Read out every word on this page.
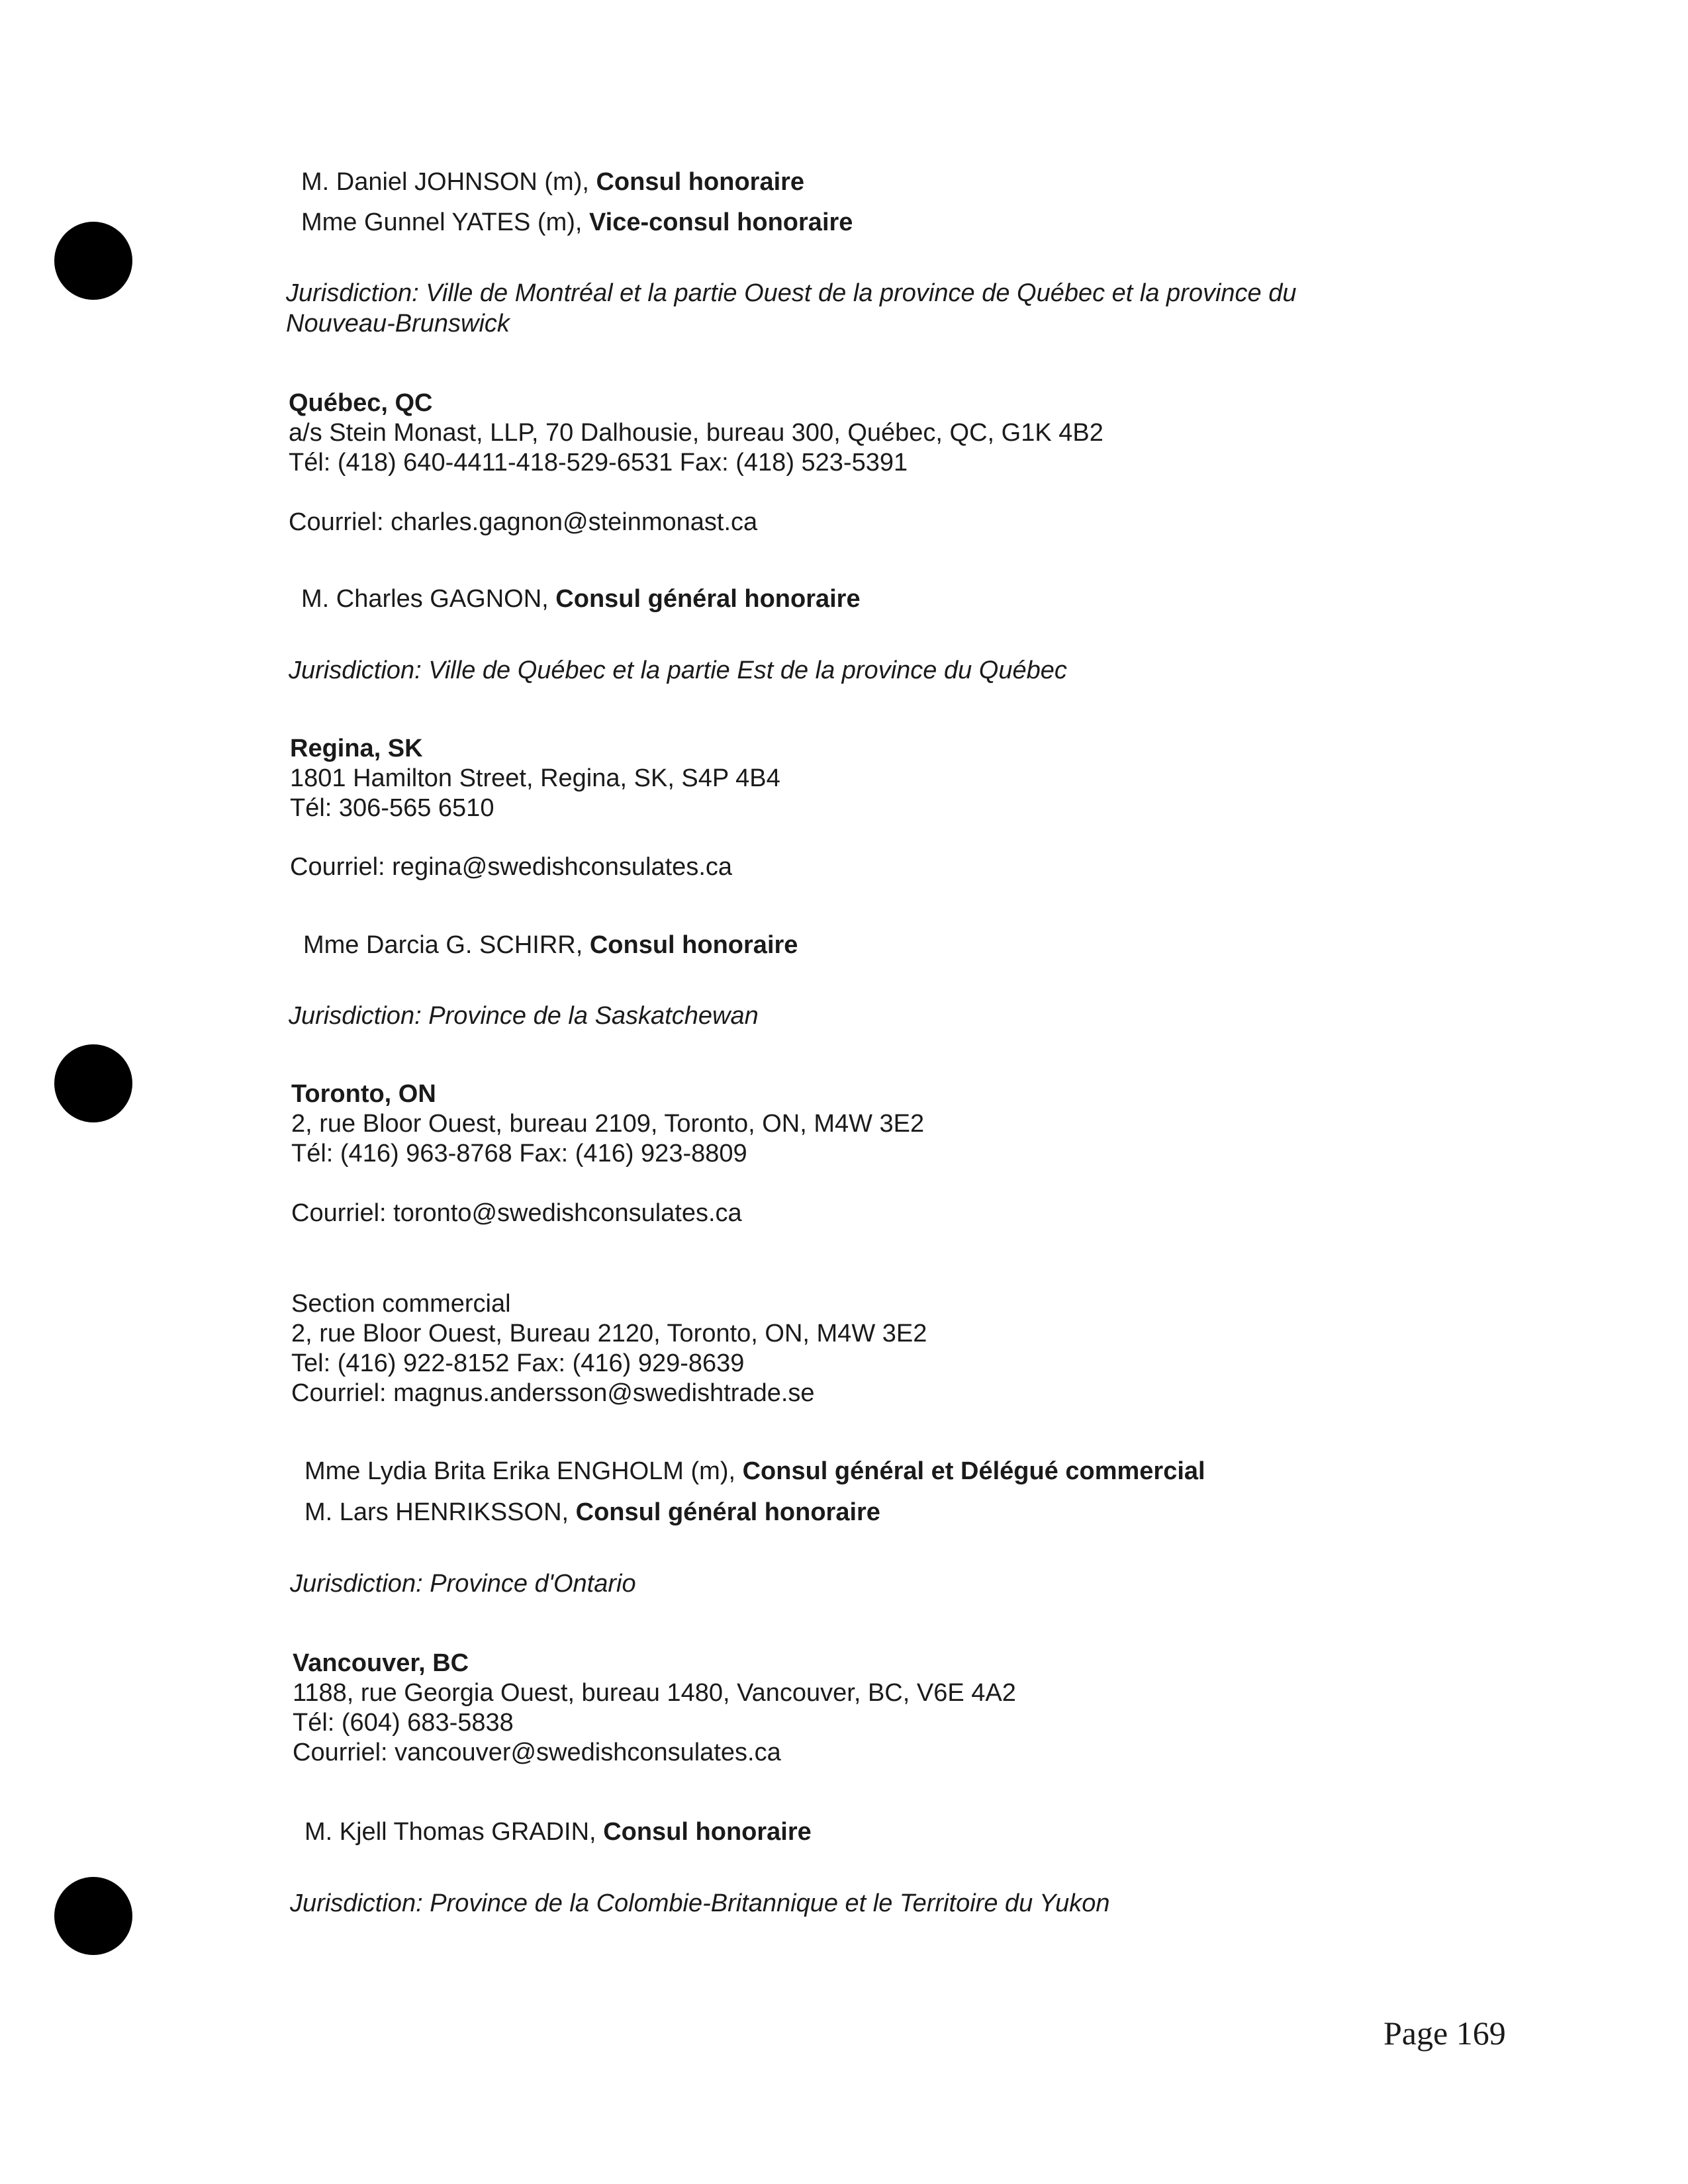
M. Daniel JOHNSON (m), Consul honoraire
Mme Gunnel YATES (m), Vice-consul honoraire
Jurisdiction: Ville de Montréal et la partie Ouest de la province de Québec et la province du Nouveau-Brunswick
Québec, QC
a/s Stein Monast, LLP, 70 Dalhousie, bureau 300, Québec, QC, G1K 4B2
Tél: (418) 640-4411-418-529-6531 Fax: (418) 523-5391
Courriel: charles.gagnon@steinmonast.ca
M. Charles GAGNON, Consul général honoraire
Jurisdiction: Ville de Québec et la partie Est de la province du Québec
Regina, SK
1801 Hamilton Street, Regina, SK, S4P 4B4
Tél: 306-565 6510
Courriel: regina@swedishconsulates.ca
Mme Darcia G. SCHIRR, Consul honoraire
Jurisdiction: Province de la Saskatchewan
Toronto, ON
2, rue Bloor Ouest, bureau 2109, Toronto, ON, M4W 3E2
Tél: (416) 963-8768 Fax: (416) 923-8809
Courriel: toronto@swedishconsulates.ca
Section commercial
2, rue Bloor Ouest, Bureau 2120, Toronto, ON, M4W 3E2
Tel: (416) 922-8152 Fax: (416) 929-8639
Courriel: magnus.andersson@swedishtrade.se
Mme Lydia Brita Erika ENGHOLM (m), Consul général et Délégué commercial
M. Lars HENRIKSSON, Consul général honoraire
Jurisdiction: Province d'Ontario
Vancouver, BC
1188, rue Georgia Ouest, bureau 1480, Vancouver, BC, V6E 4A2
Tél: (604) 683-5838
Courriel: vancouver@swedishconsulates.ca
M. Kjell Thomas GRADIN, Consul honoraire
Jurisdiction: Province de la Colombie-Britannique et le Territoire du Yukon
Page 169
